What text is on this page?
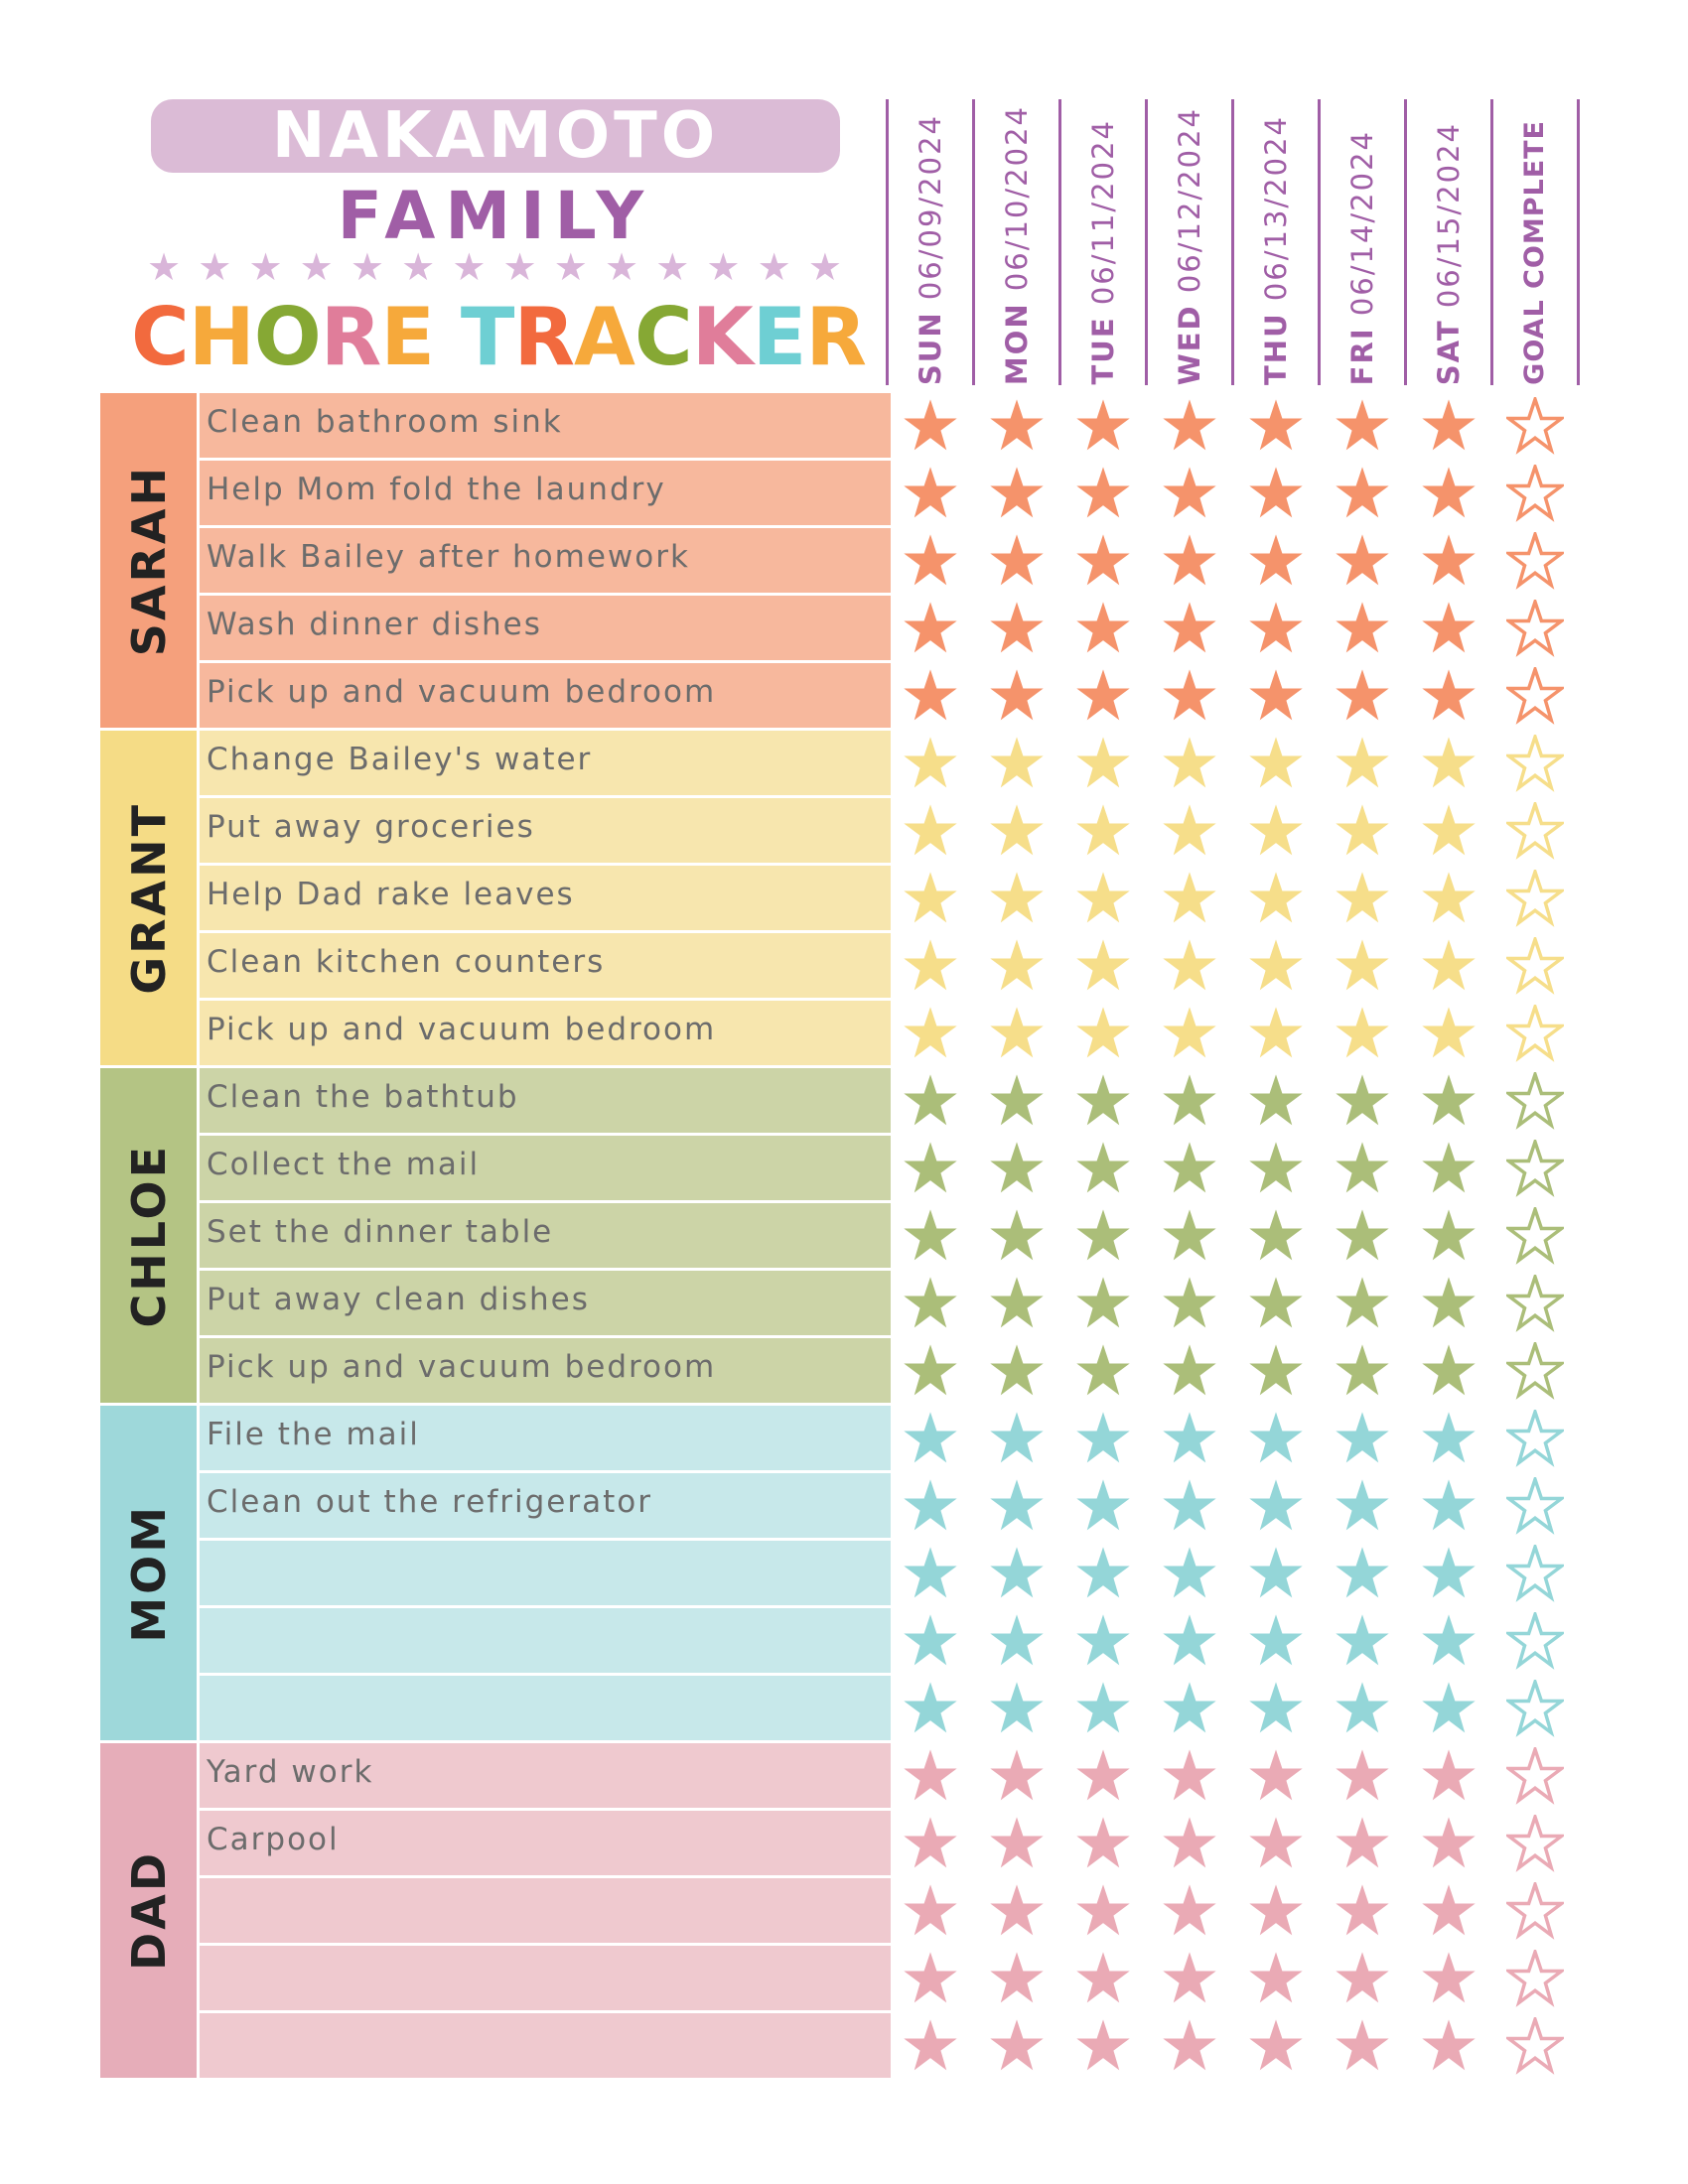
NAKAMOTO
FAMILY
★ ★ ★ ★ ★ ★ ★ ★ ★ ★ ★ ★ ★ ★
CHORE TRACKER SUN 06/09/2024
MON 06/10/2024
TUE 06/11/2024
WED 06/12/2024
THU 06/13/2024
FRI 06/14/2024
SAT 06/15/2024 GOAL COMPLETE
SARAH
Clean bathroom sink
Help Mom fold the laundry
Walk Bailey after homework
Wash dinner dishes
Pick up and vacuum bedroom
GRANT
Change Bailey's water
Put away groceries
Help Dad rake leaves
Clean kitchen counters
Pick up and vacuum bedroom
CHLOE
Clean the bathtub
Collect the mail
Set the dinner table
Put away clean dishes
Pick up and vacuum bedroom
MOM
File the mail
Clean out the refrigerator
DAD
Yard work
Carpool
